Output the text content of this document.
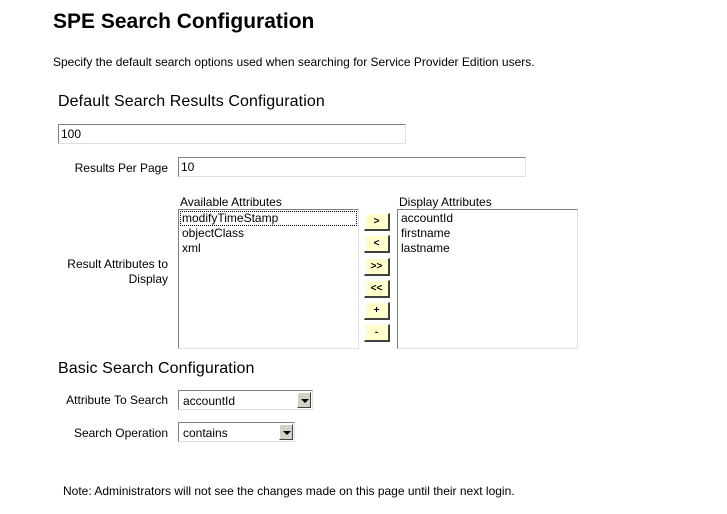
SPE Search Configuration
Specify the default search options used when searching for Service Provider Edition users.
Default Search Results Configuration
100
Results Per Page 10
Available Attributes	Display Attributes
Result Attributes to
Display
modifyTimeStamp
objectClass
xml
>
<
>>
<<
+
-
accountId
firstname
lastname
Basic Search Configuration
Attribute To Search accountId
Search Operation contains
Note: Administrators will not see the changes made on this page until their next login.
